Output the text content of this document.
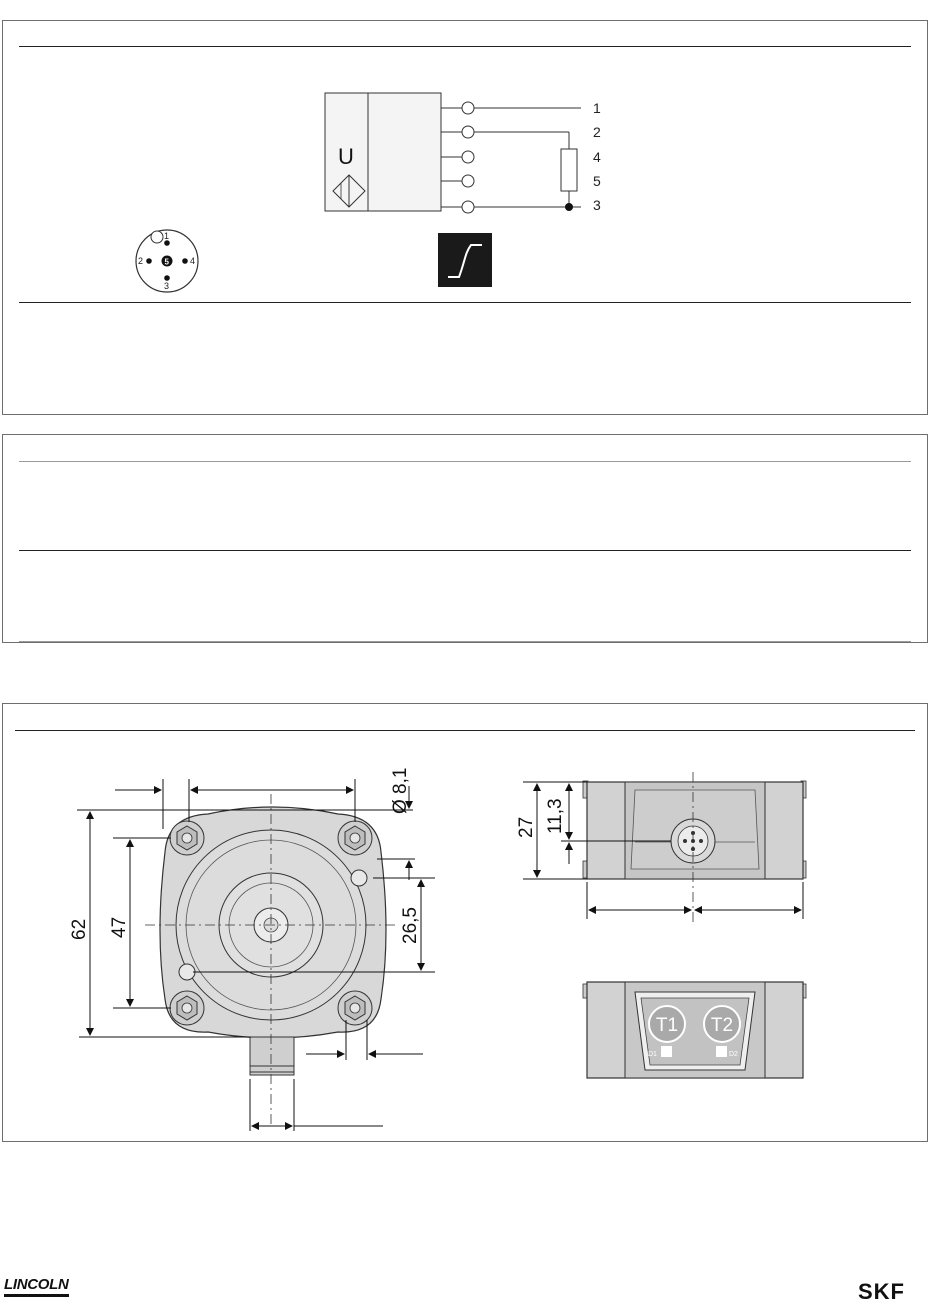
U
1
2
4
5
3
1
2	5 4
3
Ø 8,1
62 47	26,5
27 11,3
T1 T2
D1	D2
LINCOLN	SKF
